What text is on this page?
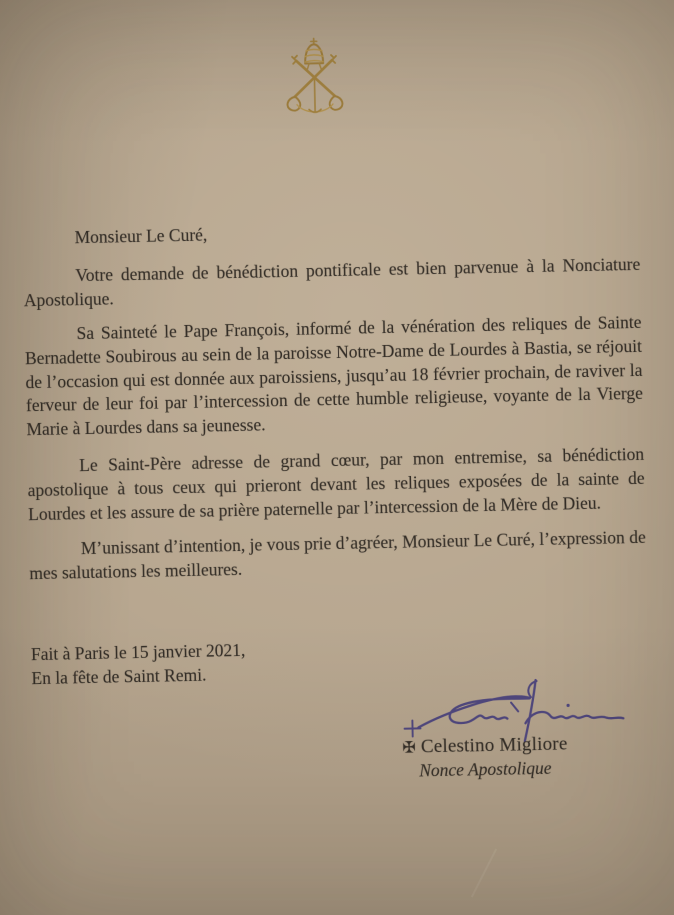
Monsieur Le Curé,

Votre demande de bénédiction pontificale est bien parvenue à la Nonciature Apostolique.

Sa Sainteté le Pape François, informé de la vénération des reliques de Sainte Bernadette Soubirous au sein de la paroisse Notre-Dame de Lourdes à Bastia, se réjouit de l’occasion qui est donnée aux paroissiens, jusqu’au 18 février prochain, de raviver la ferveur de leur foi par l’intercession de cette humble religieuse, voyante de la Vierge Marie à Lourdes dans sa jeunesse.

Le Saint-Père adresse de grand cœur, par mon entremise, sa bénédiction apostolique à tous ceux qui prieront devant les reliques exposées de la sainte de Lourdes et les assure de sa prière paternelle par l’intercession de la Mère de Dieu.

M’unissant d’intention, je vous prie d’agréer, Monsieur Le Curé, l’expression de mes salutations les meilleures.

Fait à Paris le 15 janvier 2021,
En la fête de Saint Remi.
✠ Celestino Migliore
Nonce Apostolique
